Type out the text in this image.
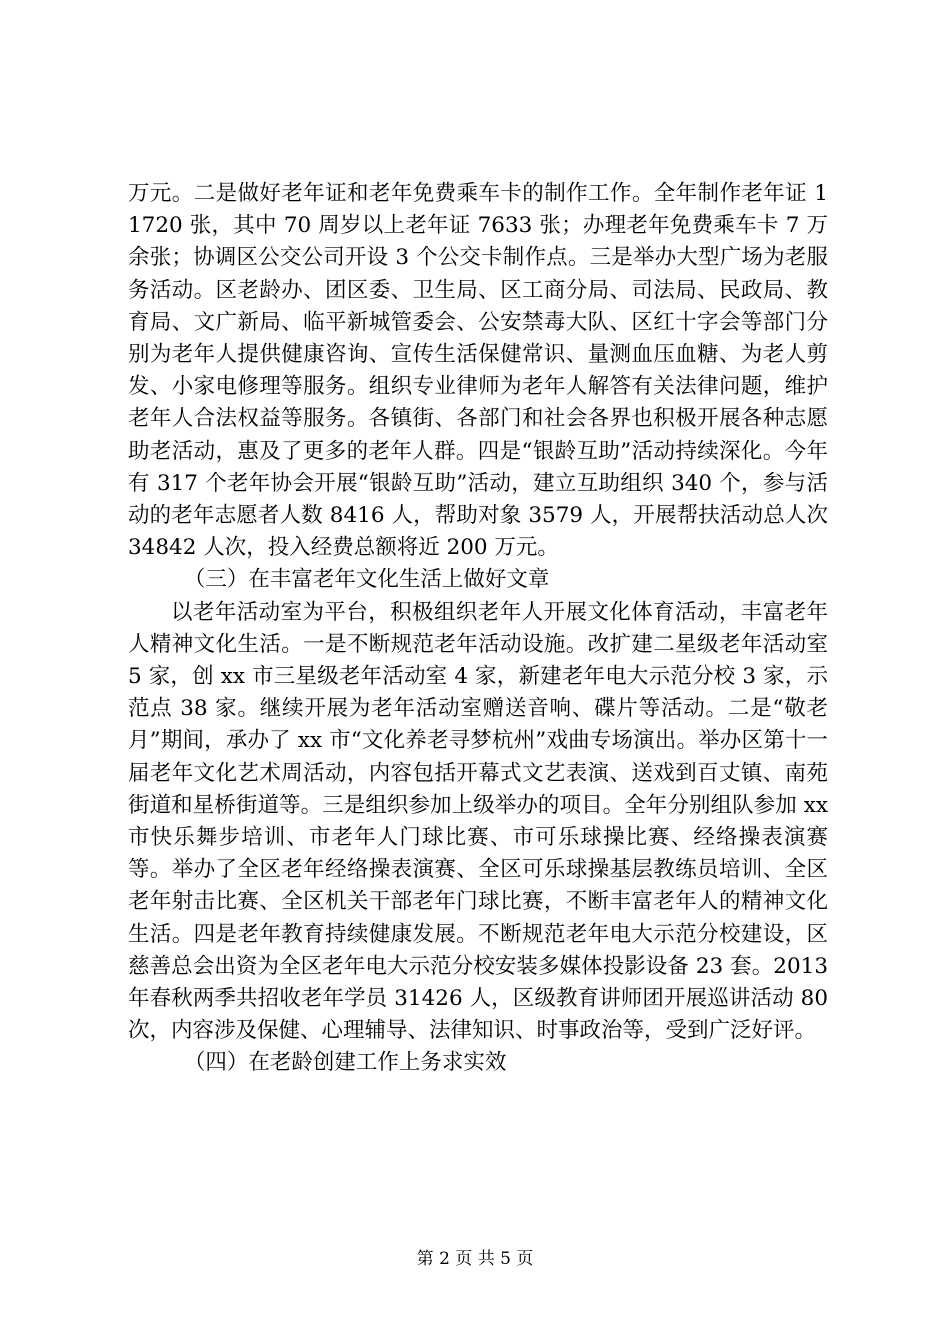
万元。二是做好老年证和老年免费乘车卡的制作工作。全年制作老年证 11720 张，其中 70 周岁以上老年证 7633 张；办理老年免费乘车卡 7 万余张；协调区公交公司开设 3 个公交卡制作点。三是举办大型广场为老服务活动。区老龄办、团区委、卫生局、区工商分局、司法局、民政局、教育局、文广新局、临平新城管委会、公安禁毒大队、区红十字会等部门分别为老年人提供健康咨询、宣传生活保健常识、量测血压血糖、为老人剪发、小家电修理等服务。组织专业律师为老年人解答有关法律问题，维护老年人合法权益等服务。各镇街、各部门和社会各界也积极开展各种志愿助老活动，惠及了更多的老年人群。四是“银龄互助”活动持续深化。今年有 317 个老年协会开展“银龄互助”活动，建立互助组织 340 个，参与活动的老年志愿者人数 8416 人，帮助对象 3579 人，开展帮扶活动总人次 34842 人次，投入经费总额将近 200 万元。

（三）在丰富老年文化生活上做好文章

以老年活动室为平台，积极组织老年人开展文化体育活动，丰富老年人精神文化生活。一是不断规范老年活动设施。改扩建二星级老年活动室 5 家，创 xx 市三星级老年活动室 4 家，新建老年电大示范分校 3 家，示范点 38 家。继续开展为老年活动室赠送音响、碟片等活动。二是“敬老月”期间，承办了 xx 市“文化养老寻梦杭州”戏曲专场演出。举办区第十一届老年文化艺术周活动，内容包括开幕式文艺表演、送戏到百丈镇、南苑街道和星桥街道等。三是组织参加上级举办的项目。全年分别组队参加 xx 市快乐舞步培训、市老年人门球比赛、市可乐球操比赛、经络操表演赛等。举办了全区老年经络操表演赛、全区可乐球操基层教练员培训、全区老年射击比赛、全区机关干部老年门球比赛，不断丰富老年人的精神文化生活。四是老年教育持续健康发展。不断规范老年电大示范分校建设，区慈善总会出资为全区老年电大示范分校安装多媒体投影设备 23 套。2013 年春秋两季共招收老年学员 31426 人，区级教育讲师团开展巡讲活动 80 次，内容涉及保健、心理辅导、法律知识、时事政治等，受到广泛好评。

（四）在老龄创建工作上务求实效

第 2 页 共 5 页
